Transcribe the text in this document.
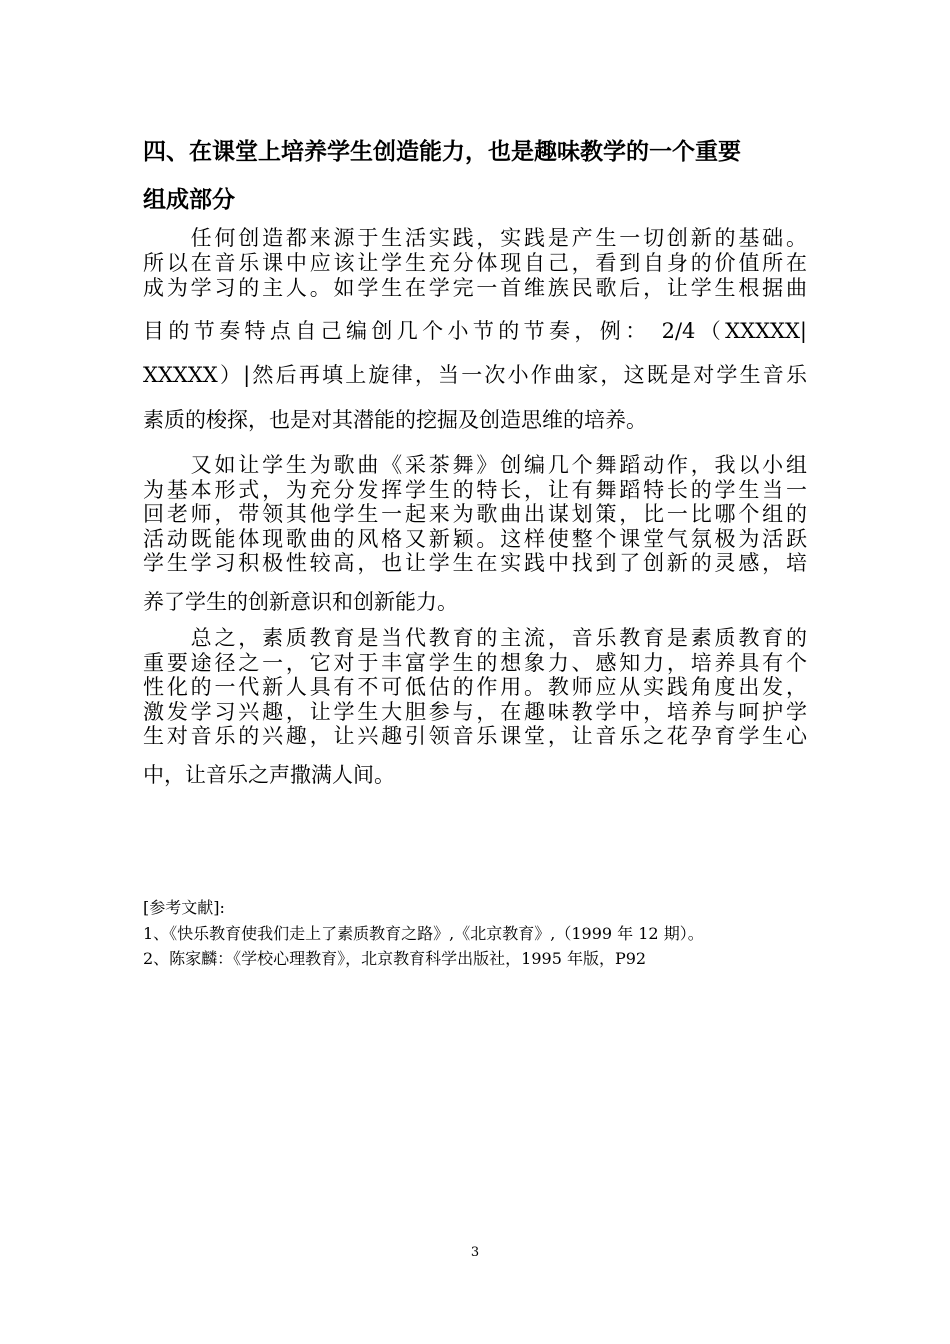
四、在课堂上培养学生创造能力，也是趣味教学的一个重要
组成部分
　　任何创造都来源于生活实践，实践是产生一切创新的基础。
所以在音乐课中应该让学生充分体现自己，看到自身的价值所在
成为学习的主人。如学生在学完一首维族民歌后，让学生根据曲
目的节奏特点自己编创几个小节的节奏，例： 2/4（XXXXX|
XXXXX）|然后再填上旋律，当一次小作曲家，这既是对学生音乐
素质的梭探，也是对其潜能的挖掘及创造思维的培养。
　　又如让学生为歌曲《采茶舞》创编几个舞蹈动作，我以小组
为基本形式，为充分发挥学生的特长，让有舞蹈特长的学生当一
回老师，带领其他学生一起来为歌曲出谋划策，比一比哪个组的
活动既能体现歌曲的风格又新颖。这样使整个课堂气氛极为活跃
学生学习积极性较高，也让学生在实践中找到了创新的灵感，培
养了学生的创新意识和创新能力。
　　总之，素质教育是当代教育的主流，音乐教育是素质教育的
重要途径之一，它对于丰富学生的想象力、感知力，培养具有个
性化的一代新人具有不可低估的作用。教师应从实践角度出发，
激发学习兴趣，让学生大胆参与，在趣味教学中，培养与呵护学
生对音乐的兴趣，让兴趣引领音乐课堂，让音乐之花孕育学生心
中，让音乐之声撒满人间。
[参考文献]:
1、《快乐教育使我们走上了素质教育之路》,《北京教育》,（1999 年 12 期）。
2、陈家麟：《学校心理教育》，北京教育科学出版社，1995 年版，P92
3
